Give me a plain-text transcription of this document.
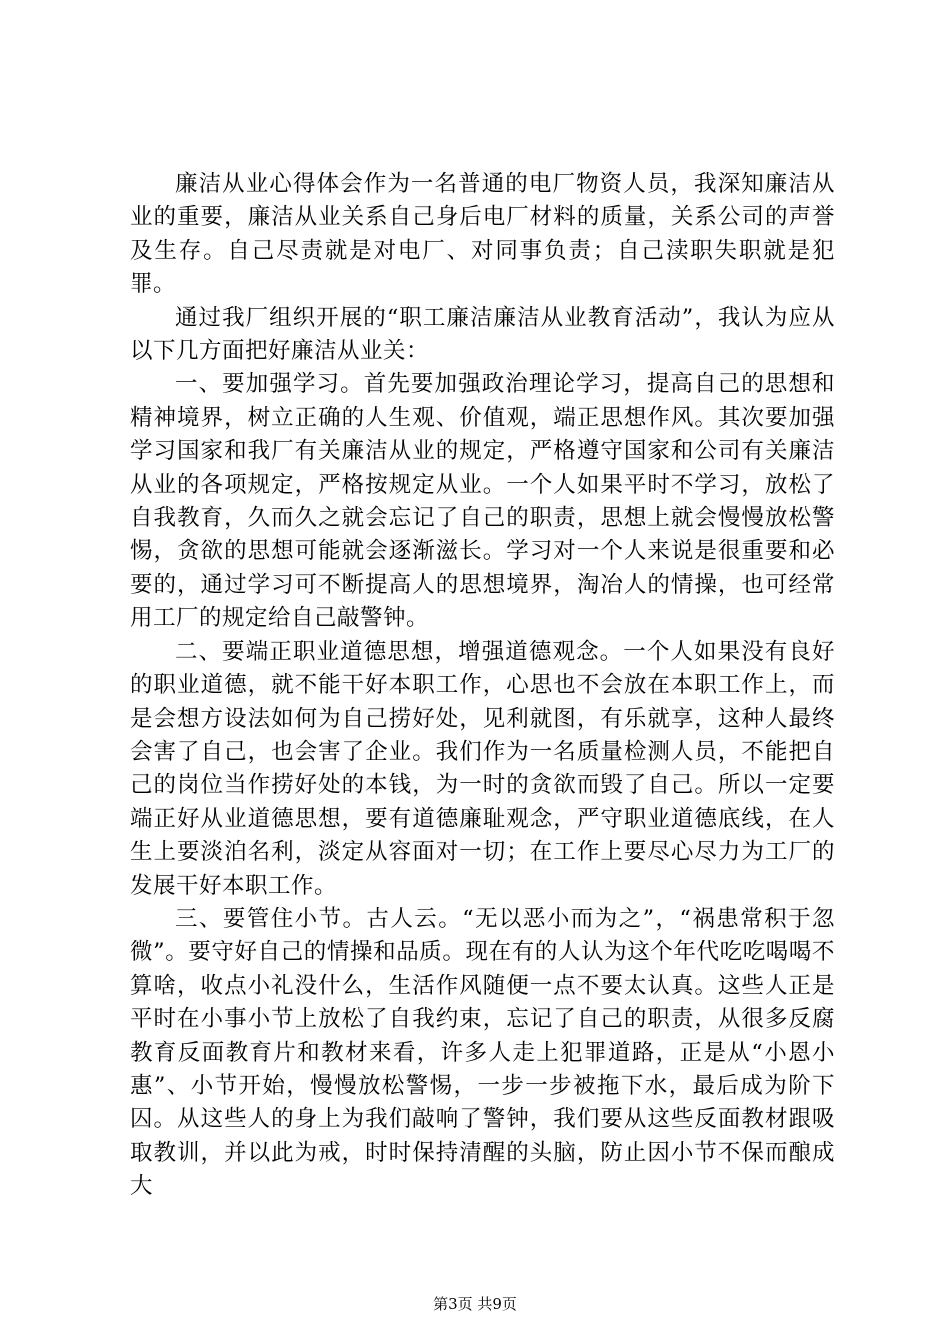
廉洁从业心得体会作为一名普通的电厂物资人员，我深知廉洁从业的重要，廉洁从业关系自己身后电厂材料的质量，关系公司的声誉及生存。自己尽责就是对电厂、对同事负责；自己渎职失职就是犯罪。

通过我厂组织开展的“职工廉洁廉洁从业教育活动”，我认为应从以下几方面把好廉洁从业关：

一、要加强学习。首先要加强政治理论学习，提高自己的思想和精神境界，树立正确的人生观、价值观，端正思想作风。其次要加强学习国家和我厂有关廉洁从业的规定，严格遵守国家和公司有关廉洁从业的各项规定，严格按规定从业。一个人如果平时不学习，放松了自我教育，久而久之就会忘记了自己的职责，思想上就会慢慢放松警惕，贪欲的思想可能就会逐渐滋长。学习对一个人来说是很重要和必要的，通过学习可不断提高人的思想境界，淘冶人的情操，也可经常用工厂的规定给自己敲警钟。

二、要端正职业道德思想，增强道德观念。一个人如果没有良好的职业道德，就不能干好本职工作，心思也不会放在本职工作上，而是会想方设法如何为自己捞好处，见利就图，有乐就享，这种人最终会害了自己，也会害了企业。我们作为一名质量检测人员，不能把自己的岗位当作捞好处的本钱，为一时的贪欲而毁了自己。所以一定要端正好从业道德思想，要有道德廉耻观念，严守职业道德底线，在人生上要淡泊名利，淡定从容面对一切；在工作上要尽心尽力为工厂的发展干好本职工作。

三、要管住小节。古人云。“无以恶小而为之”，“祸患常积于忽微”。要守好自己的情操和品质。现在有的人认为这个年代吃吃喝喝不算啥，收点小礼没什么，生活作风随便一点不要太认真。这些人正是平时在小事小节上放松了自我约束，忘记了自己的职责，从很多反腐教育反面教育片和教材来看，许多人走上犯罪道路，正是从“小恩小惠”、小节开始，慢慢放松警惕，一步一步被拖下水，最后成为阶下囚。从这些人的身上为我们敲响了警钟，我们要从这些反面教材跟吸取教训，并以此为戒，时时保持清醒的头脑，防止因小节不保而酿成大

第3页 共9页
